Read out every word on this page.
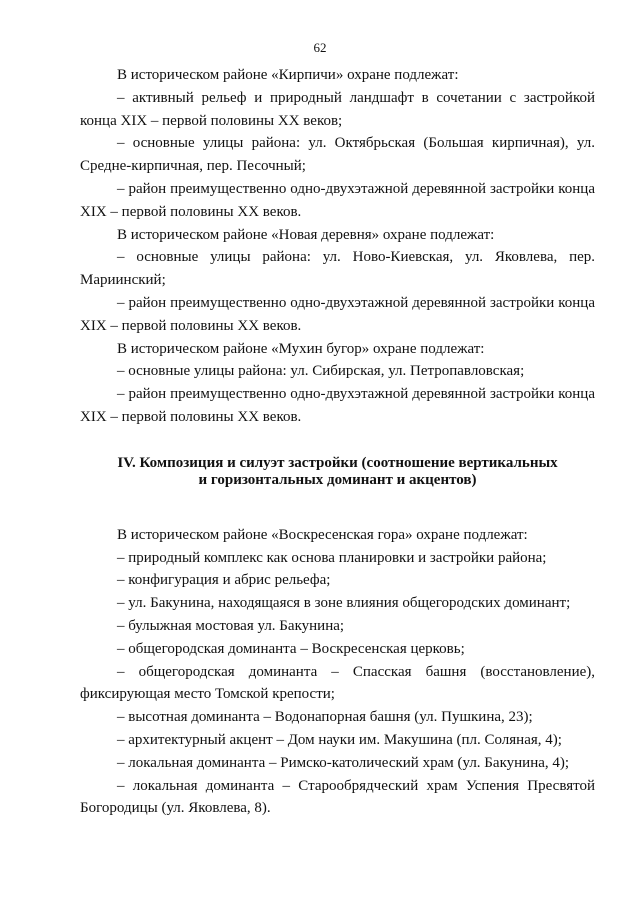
62

В историческом районе «Кирпичи» охране подлежат:

– активный рельеф и природный ландшафт в сочетании с застройкой конца XIX – первой половины XX веков;

– основные улицы района: ул. Октябрьская (Большая кирпичная), ул. Средне-кирпичная, пер. Песочный;

– район преимущественно одно-двухэтажной деревянной застройки конца XIX – первой половины XX веков.

В историческом районе «Новая деревня» охране подлежат:

– основные улицы района: ул. Ново-Киевская, ул. Яковлева, пер. Мариинский;

– район преимущественно одно-двухэтажной деревянной застройки конца XIX – первой половины XX веков.

В историческом районе «Мухин бугор» охране подлежат:

– основные улицы района: ул. Сибирская, ул. Петропавловская;

– район преимущественно одно-двухэтажной деревянной застройки конца XIX – первой половины XX веков.

IV. Композиция и силуэт застройки (соотношение вертикальных
и горизонтальных доминант и акцентов)

В историческом районе «Воскресенская гора» охране подлежат:

– природный комплекс как основа планировки и застройки района;

– конфигурация и абрис рельефа;

– ул. Бакунина, находящаяся в зоне влияния общегородских доминант;

– булыжная мостовая ул. Бакунина;

– общегородская доминанта – Воскресенская церковь;

– общегородская доминанта – Спасская башня (восстановление), фиксирующая место Томской крепости;

– высотная доминанта – Водонапорная башня (ул. Пушкина, 23);

– архитектурный акцент – Дом науки им. Макушина (пл. Соляная, 4);

– локальная доминанта – Римско-католический храм (ул. Бакунина, 4);

– локальная доминанта – Старообрядческий храм Успения Пресвятой Богородицы (ул. Яковлева, 8).
